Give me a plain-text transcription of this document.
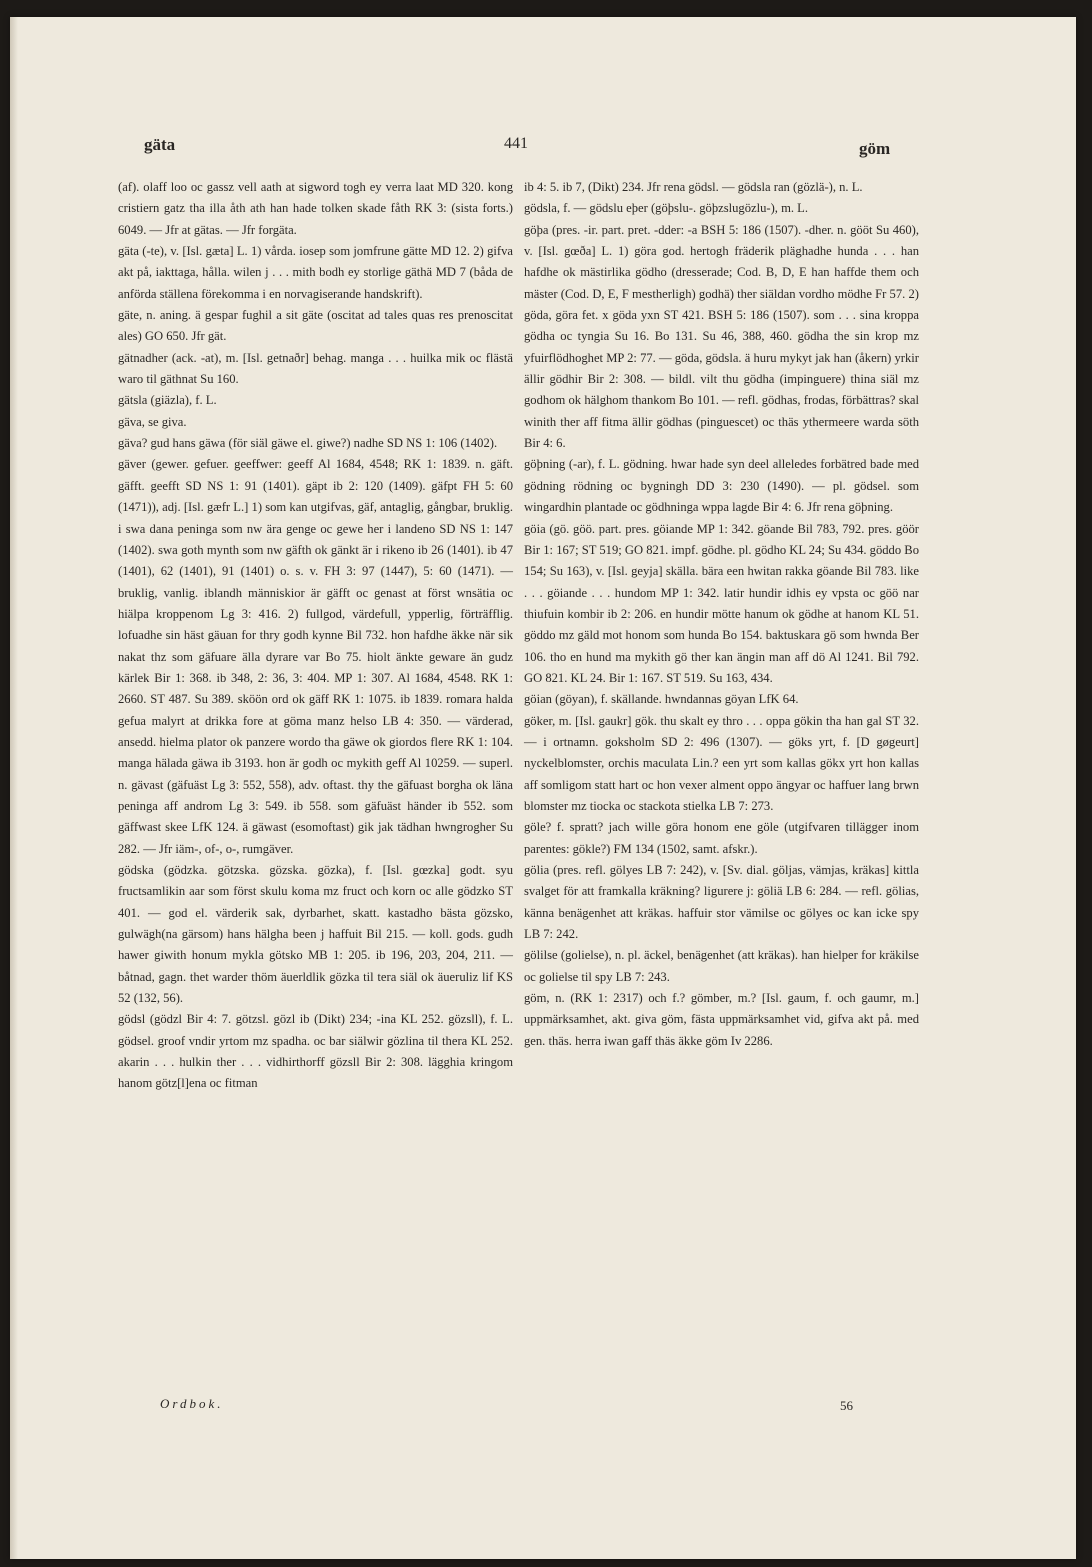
gäta	441	göm

(af). olaff loo oc gassz vell aath at sigword togh ey verra laat MD 320. kong cristiern gatz tha illa åth ath han hade tolken skade fåth RK 3: (sista forts.) 6049. — Jfr at gätas. — Jfr forgäta.

gäta (-te), v. [Isl. gæta] L. 1) vårda. iosep som jomfrune gätte MD 12. 2) gifva akt på, iakttaga, hålla. wilen j . . . mith bodh ey storlige gäthä MD 7 (båda de anförda ställena förekomma i en norvagiserande handskrift).

gäte, n. aning. ä gespar fughil a sit gäte (oscitat ad tales quas res prenoscitat ales) GO 650. Jfr gät.

gätnadher (ack. -at), m. [Isl. getnaðr] behag. manga . . . huilka mik oc flästä waro til gäthnat Su 160.

gätsla (giäzla), f. L.

gäva, se giva.

gäva? gud hans gäwa (för siäl gäwe el. giwe?) nadhe SD NS 1: 106 (1402).

gäver (gewer. gefuer. geeffwer: geeff Al 1684, 4548; RK 1: 1839. n. gäft. gäfft. geefft SD NS 1: 91 (1401). gäpt ib 2: 120 (1409). gäfpt FH 5: 60 (1471)), adj. [Isl. gæfr L.] 1) som kan utgifvas, gäf, antaglig, gångbar, bruklig. i swa dana peninga som nw ära genge oc gewe her i landeno SD NS 1: 147 (1402). swa goth mynth som nw gäfth ok gänkt är i rikeno ib 26 (1401). ib 47 (1401), 62 (1401), 91 (1401) o. s. v. FH 3: 97 (1447), 5: 60 (1471). — bruklig, vanlig. iblandh människior är gäfft oc genast at först wnsätia oc hiälpa kroppenom Lg 3: 416. 2) fullgod, värdefull, ypperlig, förträfflig. lofuadhe sin häst gäuan for thry godh kynne Bil 732. hon hafdhe äkke när sik nakat thz som gäfuare älla dyrare var Bo 75. hiolt änkte geware än gudz kärlek Bir 1: 368. ib 348, 2: 36, 3: 404. MP 1: 307. Al 1684, 4548. RK 1: 2660. ST 487. Su 389. sköön ord ok gäff RK 1: 1075. ib 1839. romara halda gefua malyrt at drikka fore at göma manz helso LB 4: 350. — värderad, ansedd. hielma plator ok panzere wordo tha gäwe ok giordos flere RK 1: 104. manga hälada gäwa ib 3193. hon är godh oc mykith geff Al 10259. — superl. n. gävast (gäfuäst Lg 3: 552, 558), adv. oftast. thy the gäfuast borgha ok läna peninga aff androm Lg 3: 549. ib 558. som gäfuäst händer ib 552. som gäffwast skee LfK 124. ä gäwast (esomoftast) gik jak tädhan hwngrogher Su 282. — Jfr iäm-, of-, o-, rumgäver.

gödska (gödzka. götzska. gözska. gözka), f. [Isl. gœzka] godt. syu fructsamlikin aar som först skulu koma mz fruct och korn oc alle gödzko ST 401. — god el. värderik sak, dyrbarhet, skatt. kastadho bästa gözsko, gulwägh(na gärsom) hans hälgha been j haffuit Bil 215. — koll. gods. gudh hawer giwith honum mykla götsko MB 1: 205. ib 196, 203, 204, 211. — båtnad, gagn. thet warder thöm äuerldlik gözka til tera siäl ok äueruliz lif KS 52 (132, 56).

gödsl (gödzl Bir 4: 7. götzsl. gözl ib (Dikt) 234; -ina KL 252. gözsll), f. L. gödsel. groof vndir yrtom mz spadha. oc bar siälwir gözlina til thera KL 252. akarin . . . hulkin ther . . . vidhirthorff gözsll Bir 2: 308. lägghia kringom hanom götz[l]ena oc fitman

ib 4: 5. ib 7, (Dikt) 234. Jfr rena gödsl. — gödsla ran (gözlä-), n. L.

gödsla, f. — gödslu eþer (göþslu-. göþzslugözlu-), m. L.

göþa (pres. -ir. part. pret. -dder: -a BSH 5: 186 (1507). -dher. n. gööt Su 460), v. [Isl. gœða] L. 1) göra god. hertogh fräderik pläghadhe hunda . . . han hafdhe ok mästirlika gödho (dresserade; Cod. B, D, E han haffde them och mäster (Cod. D, E, F mestherligh) godhä) ther siäldan vordho mödhe Fr 57. 2) göda, göra fet. x göda yxn ST 421. BSH 5: 186 (1507). som . . . sina kroppa gödha oc tyngia Su 16. Bo 131. Su 46, 388, 460. gödha the sin krop mz yfuirflödhoghet MP 2: 77. — göda, gödsla. ä huru mykyt jak han (åkern) yrkir ällir gödhir Bir 2: 308. — bildl. vilt thu gödha (impinguere) thina siäl mz godhom ok hälghom thankom Bo 101. — refl. gödhas, frodas, förbättras? skal winith ther aff fitma ällir gödhas (pinguescet) oc thäs ythermeere warda söth Bir 4: 6.

göþning (-ar), f. L. gödning. hwar hade syn deel alleledes forbätred bade med gödning rödning oc bygningh DD 3: 230 (1490). — pl. gödsel. som wingardhin plantade oc gödhninga wppa lagde Bir 4: 6. Jfr rena göþning.

göia (gö. göö. part. pres. göiande MP 1: 342. göande Bil 783, 792. pres. göör Bir 1: 167; ST 519; GO 821. impf. gödhe. pl. gödho KL 24; Su 434. göddo Bo 154; Su 163), v. [Isl. geyja] skälla. bära een hwitan rakka göande Bil 783. like . . . göiande . . . hundom MP 1: 342. latir hundir idhis ey vpsta oc göö nar thiufuin kombir ib 2: 206. en hundir mötte hanum ok gödhe at hanom KL 51. göddo mz gäld mot honom som hunda Bo 154. baktuskara gö som hwnda Ber 106. tho en hund ma mykith gö ther kan ängin man aff dö Al 1241. Bil 792. GO 821. KL 24. Bir 1: 167. ST 519. Su 163, 434.

göian (göyan), f. skällande. hwndannas göyan LfK 64.

göker, m. [Isl. gaukr] gök. thu skalt ey thro . . . oppa gökin tha han gal ST 32. — i ortnamn. goksholm SD 2: 496 (1307). — göks yrt, f. [D gøgeurt] nyckelblomster, orchis maculata Lin.? een yrt som kallas gökx yrt hon kallas aff somligom statt hart oc hon vexer alment oppo ängyar oc haffuer lang brwn blomster mz tiocka oc stackota stielka LB 7: 273.

göle? f. spratt? jach wille göra honom ene göle (utgifvaren tillägger inom parentes: gökle?) FM 134 (1502, samt. afskr.).

gölia (pres. refl. gölyes LB 7: 242), v. [Sv. dial. göljas, vämjas, kräkas] kittla svalget för att framkalla kräkning? ligurere j: göliä LB 6: 284. — refl. gölias, känna benägenhet att kräkas. haffuir stor vämilse oc gölyes oc kan icke spy LB 7: 242.

gölilse (golielse), n. pl. äckel, benägenhet (att kräkas). han hielper for kräkilse oc golielse til spy LB 7: 243.

göm, n. (RK 1: 2317) och f.? gömber, m.? [Isl. gaum, f. och gaumr, m.] uppmärksamhet, akt. giva göm, fästa uppmärksamhet vid, gifva akt på. med gen. thäs. herra iwan gaff thäs äkke göm Iv 2286.

Ordbok.	56
